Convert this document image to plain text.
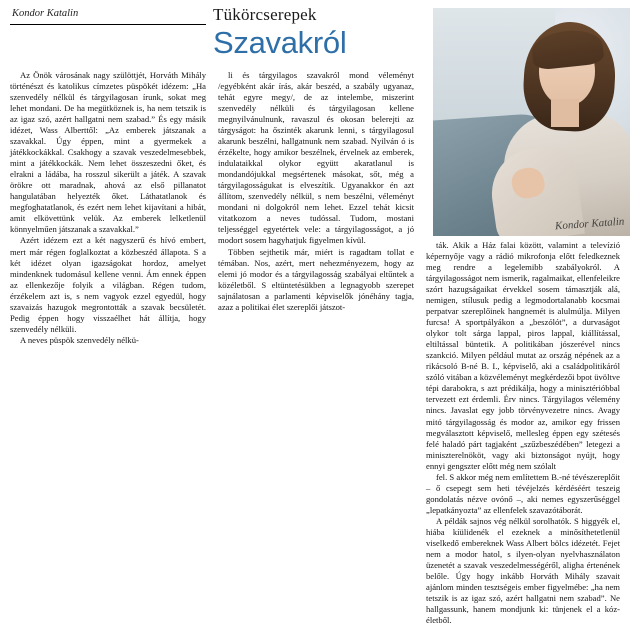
Kondor Katalin	Tükörcserepek
Szavakról
Kondor Katalin

Az Önök városának nagy szülöttjét, Horváth Mihály történészt és katolikus címzetes püspökét idézem: „Ha szenvedély nélkül és tárgyilagosan írunk, sokat meg lehet mondani. De ha megütköznek is, ha nem tetszik is az igaz szó, azért hallgatni nem szabad.” És egy másik idézet, Wass Alberttől: „Az emberek játszanak a szavakkal. Úgy éppen, mint a gyermekek a játékkockákkal. Csakhogy a szavak veszedelmesebbek, mint a játékkockák. Nem lehet összeszedni őket, és elrakni a ládába, ha rosszul sikerült a játék. A szavak örökre ott maradnak, ahová az első pillanatot hangulatában helyezték őket. Láthatatlanok és megfoghatatlanok, és ezért nem lehet kijavítani a hibát, amit elkövettünk velük. Az emberek lelketlenül könnyelműen játszanak a szavakkal.”

Azért idézem ezt a két nagyszerű és hívó embert, mert már régen foglalkoztat a közbeszéd állapota. S a két idézet olyan igazságokat hordoz, amelyet mindenknek tudomásul kellene venni. Ám ennek éppen az ellenkezője folyik a világban. Régen tudom, érzékelem azt is, s nem vagyok ezzel egyedül, hogy szavaizás hazugok megrontották a szavak becsületét. Pedig éppen hogy visszaélhet hát állítja, hogy szenvedély nélküli.

A neves püspök szenvedély nélkü-

li és tárgyilagos szavakról mond véleményt /egyébként akár írás, akár beszéd, a szabály ugyanaz, tehát egyre megy/, de az intelembe, miszerint szenvedély nélküli és tárgyilagosan kellene megnyilvánulnunk, ravaszul és okosan belerejti az tárgyságot: ha őszinték akarunk lenni, s tárgyilagosul akarunk beszélni, hallgatnunk nem szabad. Nyilván ó is érzékelte, hogy amikor beszélnek, érvelnek az emberek, indulataikkal olykor együtt akaratlanul is mondandójukkal megsértenek másokat, sőt, még a tárgyilagosságukat is elveszítik. Ugyanakkor én azt állítom, szenvedély nélkül, s nem beszélni, véleményt mondani ni dolgokról nem lehet. Ezzel tehát kicsit vitatkozom a neves tudóssal. Tudom, mostani teljességgel egyetértek vele: a tárgyilagosságot, a jó modort sosem hagyhatjuk figyelmen kívül.

Többen sejthetik már, miért is ragadtam tollat e témában. Nos, azért, mert nehezményezem, hogy az elemi jó modor és a tárgyilagosság szabályai eltűntek a közéletből. S eltüntetésükben a legnagyobb szerepet sajnálatosan a parlamenti képviselők jónéhány tagja, azaz a politikai élet szereplői játszot-

ták. Akik a Ház falai között, valamint a televízió képernyője vagy a rádió mikrofonja előtt feledkeznek meg rendre a legelemibb szabályokról. A tárgyilagosságot nem ismerik, ragalmaikat, ellenfeleikre szórt hazugságaikat érvekkel sosem támasztják alá, nemigen, stílusuk pedig a legmodortalanabb kocsmai perpatvar szereplőinek hangnemét is alulmúlja. Milyen furcsa! A sportpályákon a „beszólót”, a durvaságot olykor tolt sárga lappal, piros lappal, kiállítással, eltiltással büntetik. A politikában jószerével nincs szankció. Milyen például mutat az ország népének az a rikácsoló B-né B. I., képviselő, aki a családpolitikáról szóló vitában a közvéleményt megkérdezői bpot üvöltve tépi darabokra, s azt prédikálja, hogy a minisztérióbbal tervezett ezt érdemli. Érv nincs. Tárgyilagos vélemény nincs. Javaslat egy jobb törvényvezetre nincs. Avagy mitó tárgyilagosság és modor az, amikor egy frissen megválasztott képviselő, mellesleg éppen egy szétesés felé haladó párt tagjaként „szűzbeszédében” letegezi a miniszterelnököt, vagy aki biztonságot nyújt, hogy ennyi gengszter előtt még nem szólalt

fel. S akkor még nem említettem B.-né tévészereplőit – ő csepegt sem heti tévéjelzés kérdéséért teszeig gondolatás nézve ovónő –, aki nemes egyszerűséggel „lepatkányozta” az ellenfelek szavazótáborát.

A példák sajnos vég nélkül sorolhatók. S higgyék el, hiába kíülidenék el ezeknek a minősíthetetlenül viselkedő embereknek Wass Albert bölcs idézetét. Fejet nem a modor hatol, s ilyen-olyan nyelvhasználaton üzenetét a szavak veszedelmességéről, aligha értenének belőle. Úgy hogy inkább Horváth Mihály szavait ajánlom minden tesztségeis ember figyelmébe: „ha nem tetszik is az igaz szó, azért hallgatni nem szabad”. Ne hallgassunk, hanem mondjunk ki: tünjenek el a kóz-életből.
